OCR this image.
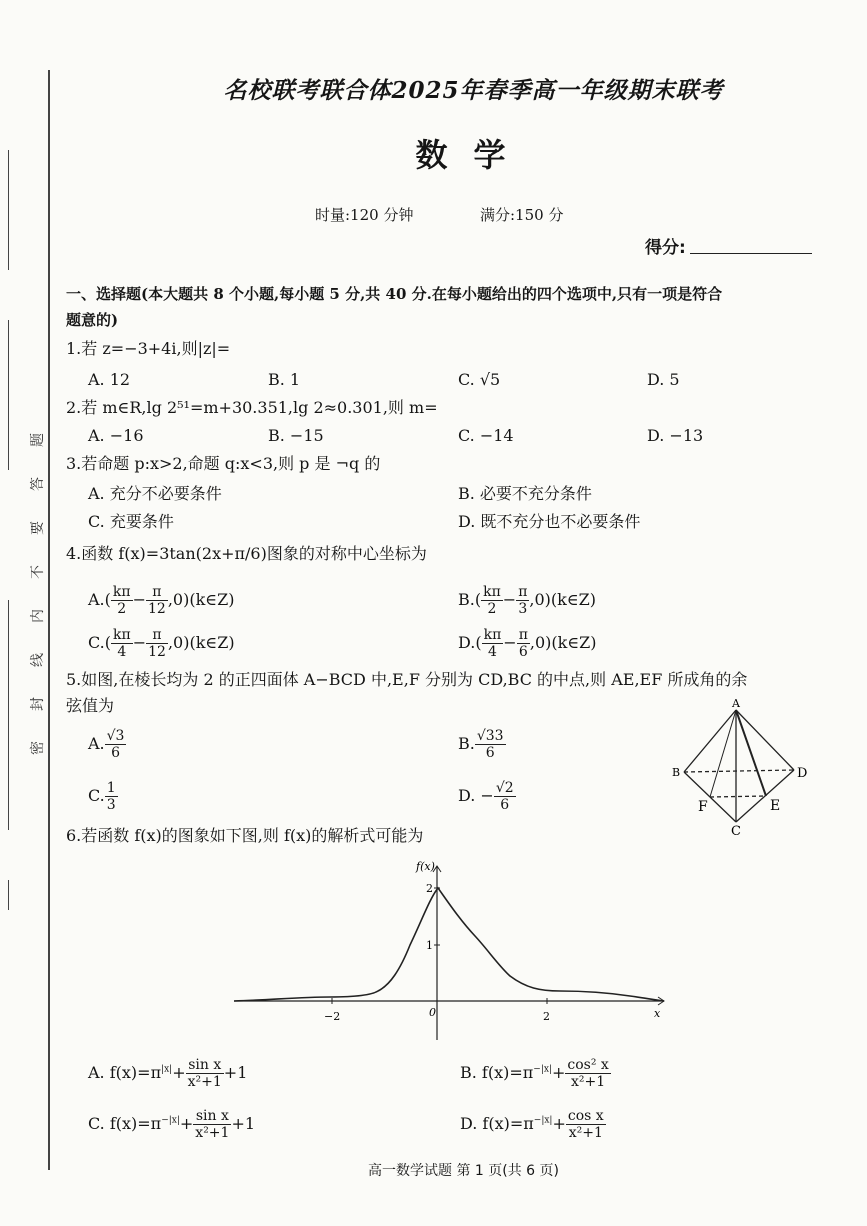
题
答
要
不
内
线
封
密
名校联考联合体2025年春季高一年级期末联考
数学
时量:120 分钟	满分:150 分
得分:
一、选择题(本大题共 8 个小题,每小题 5 分,共 40 分.在每小题给出的四个选项中,只有一项是符合
题意的)
1.若 z=−3+4i,则|z|=
A. 12	B. 1	C. √5	D. 5
2.若 m∈R,lg 2⁵¹=m+30.351,lg 2≈0.301,则 m=
A. −16	B. −15	C. −14	D. −13
3.若命题 p:x>2,命题 q:x<3,则 p 是 ¬q 的
A. 充分不必要条件	B. 必要不充分条件
C. 充要条件	D. 既不充分也不必要条件
4.函数 f(x)=3tan(2x+π/6)图象的对称中心坐标为
$A.( \frac{k\pi}{2} - \frac{\pi}{12}$ ,0)(k∈Z)	$B.( \frac{k\pi}{2} - \frac{\pi}{3}$ ,0)(k∈Z)
$C.( \frac{k\pi}{4} - \frac{\pi}{12}$ ,0)(k∈Z)	$D.( \frac{k\pi}{4} - \frac{\pi}{6}$ ,0)(k∈Z)
5.如图,在棱长均为 2 的正四面体 A−BCD 中,E,F 分别为 CD,BC 的中点,则 AE,EF 所成角的余
弦值为
A. $\frac{√3}{6}$	B. $\frac{√33}{6}$
C. $\frac{1}{3}$	D. − $\frac{√2}{6}$
A
B
C
D
E
F
6.若函数 f(x)的图象如下图,则 f(x)的解析式可能为
f(x)
x
2
1
−2	0	2
A. $f(x)=\pi^{|x|}+ \frac{\text{sin x}}{\text{x²+1}} +1$	B. $f(x)=\pi^{-|x|}+ \frac{\text{cos² x}}{\text{x²+1}}$
C. $f(x)=\pi^{-|x|}+ \frac{\text{sin x}}{\text{x²+1}} +1$	D. $f(x)=\pi^{-|x|}+ \frac{\text{cos x}}{\text{x²+1}}$
高一数学试题 第 1 页(共 6 页)
